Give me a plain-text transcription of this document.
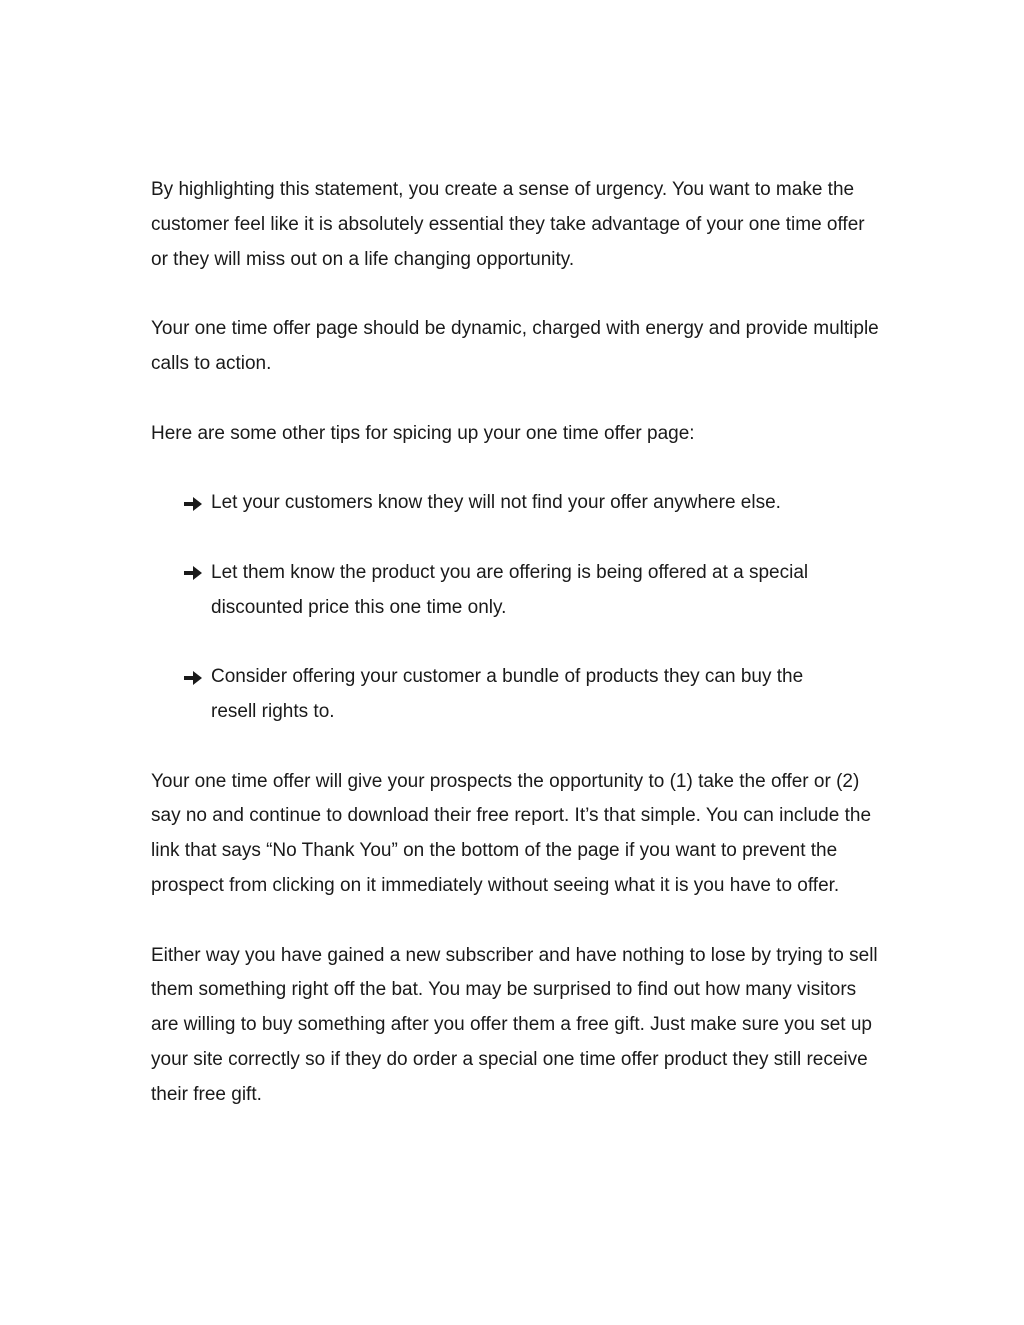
By highlighting this statement, you create a sense of urgency. You want to make the customer feel like it is absolutely essential they take advantage of your one time offer or they will miss out on a life changing opportunity.

Your one time offer page should be dynamic, charged with energy and provide multiple calls to action.

Here are some other tips for spicing up your one time offer page:

Let your customers know they will not find your offer anywhere else.
Let them know the product you are offering is being offered at a special discounted price this one time only.
Consider offering your customer a bundle of products they can buy the resell rights to.

Your one time offer will give your prospects the opportunity to (1) take the offer or (2) say no and continue to download their free report. It’s that simple. You can include the link that says “No Thank You” on the bottom of the page if you want to prevent the prospect from clicking on it immediately without seeing what it is you have to offer.

Either way you have gained a new subscriber and have nothing to lose by trying to sell them something right off the bat. You may be surprised to find out how many visitors are willing to buy something after you offer them a free gift. Just make sure you set up your site correctly so if they do order a special one time offer product they still receive their free gift.
